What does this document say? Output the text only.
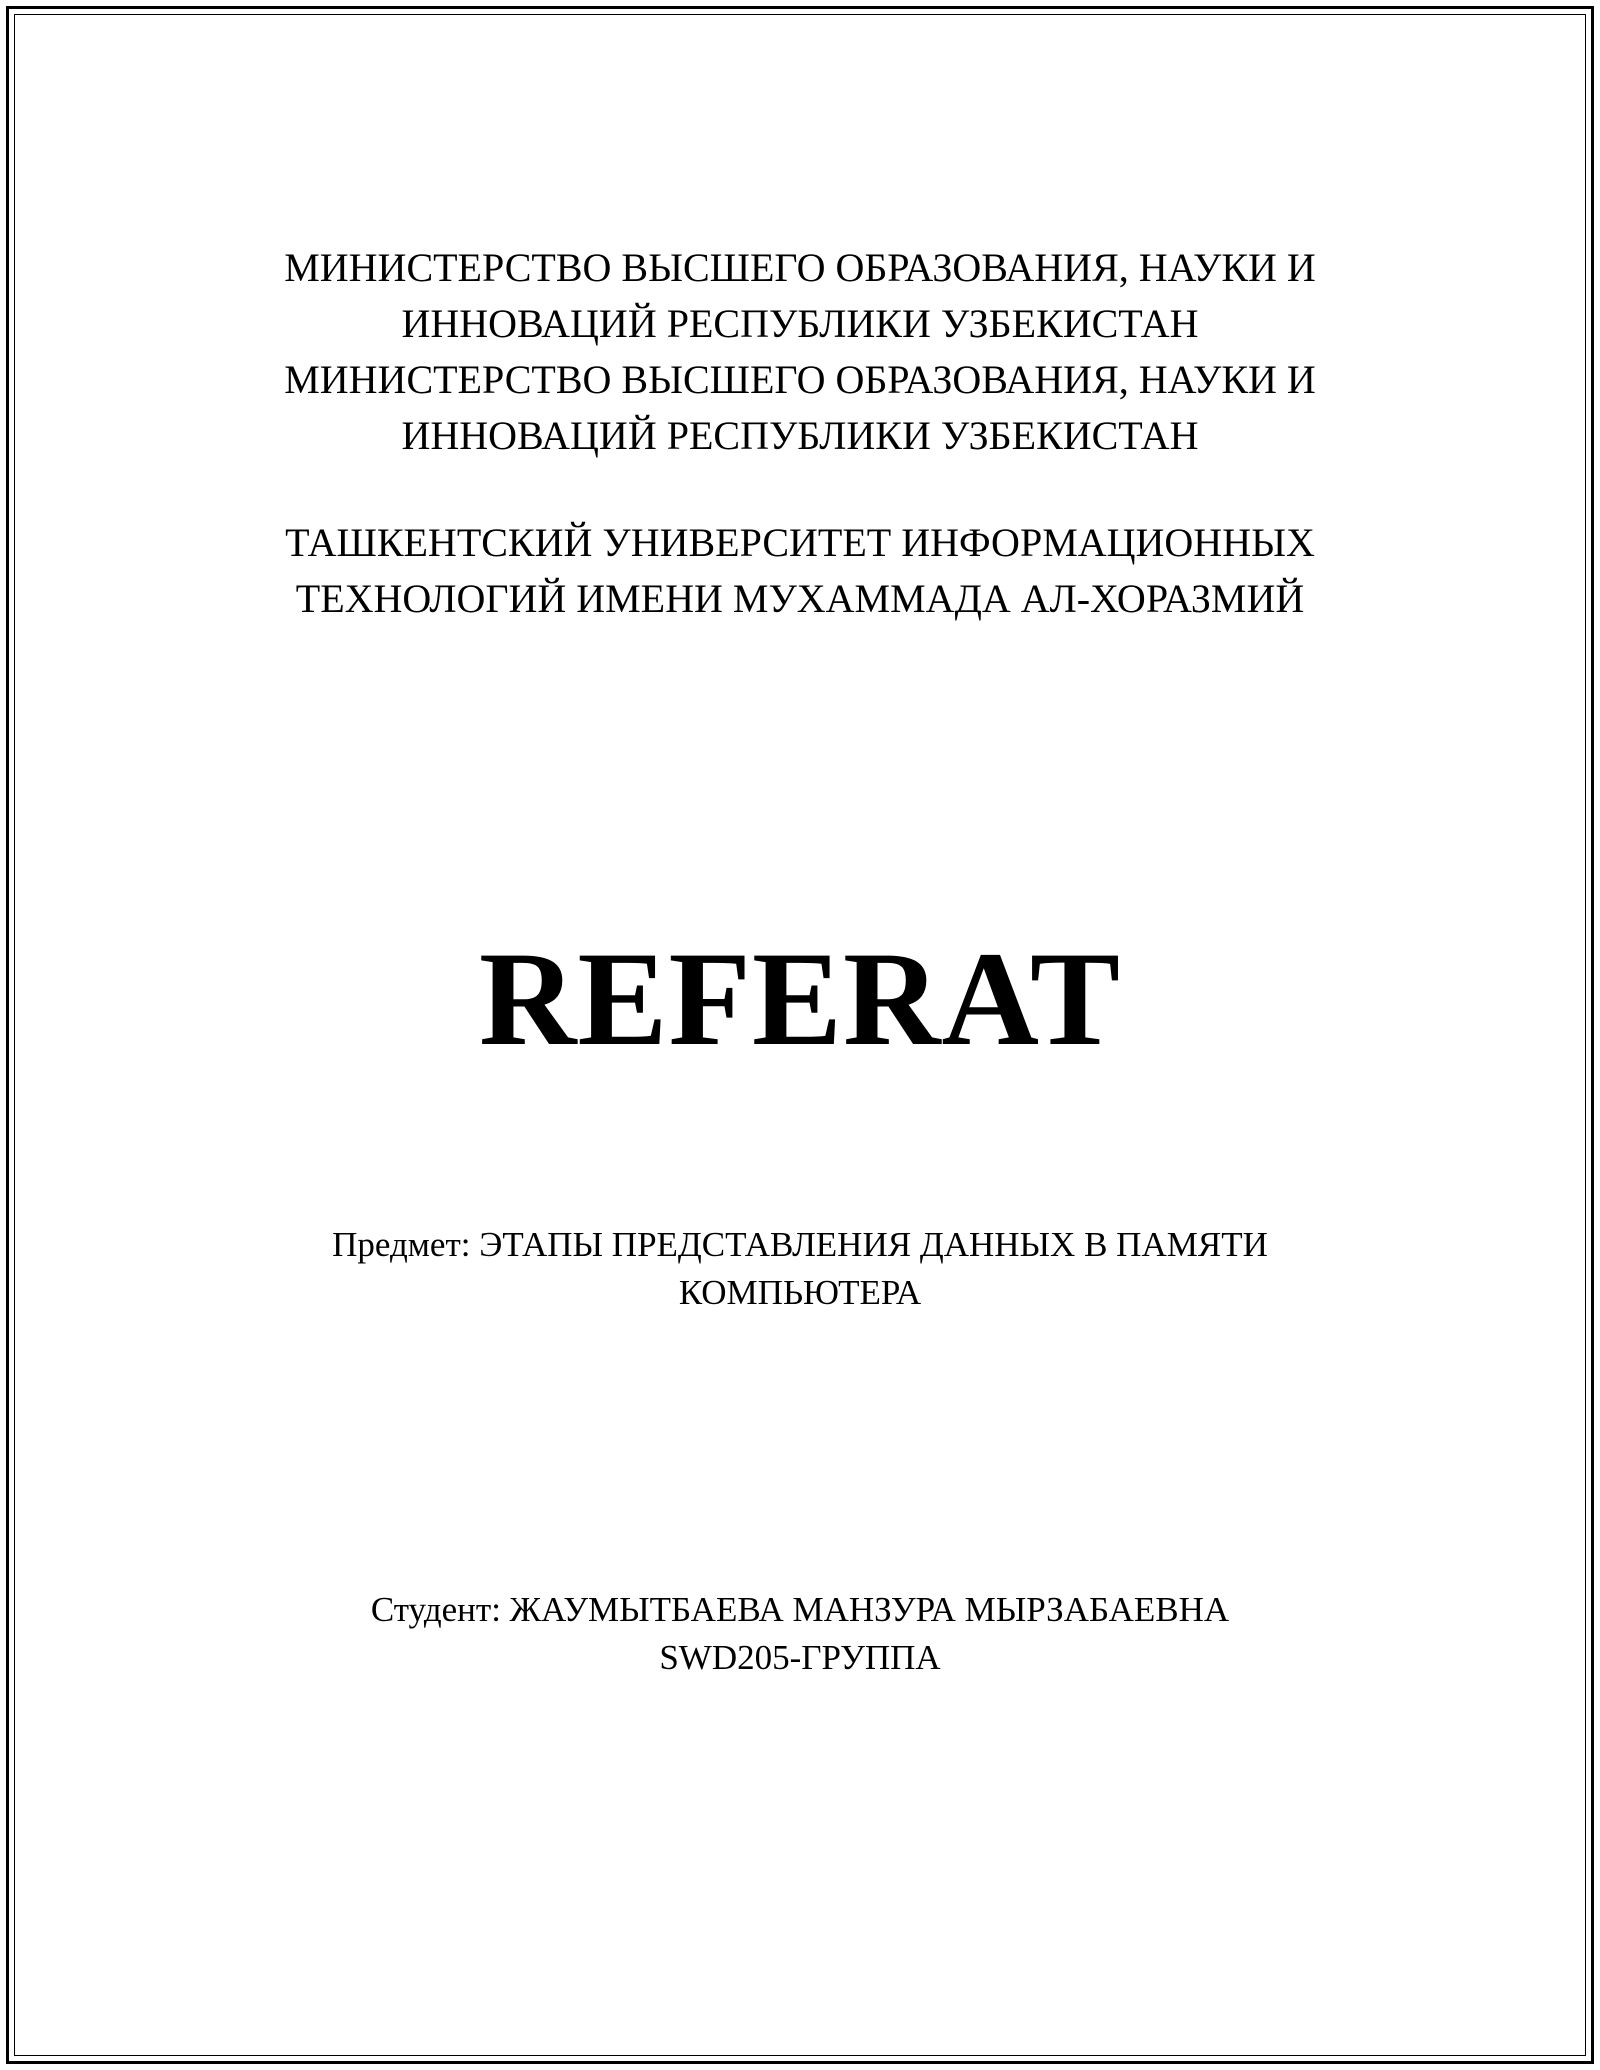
МИНИСТЕРСТВО ВЫСШЕГО ОБРАЗОВАНИЯ, НАУКИ И
ИННОВАЦИЙ РЕСПУБЛИКИ УЗБЕКИСТАН
МИНИСТЕРСТВО ВЫСШЕГО ОБРАЗОВАНИЯ, НАУКИ И
ИННОВАЦИЙ РЕСПУБЛИКИ УЗБЕКИСТАН
ТАШКЕНТСКИЙ УНИВЕРСИТЕТ ИНФОРМАЦИОННЫХ
ТЕХНОЛОГИЙ ИМЕНИ МУХАММАДА АЛ-ХОРАЗМИЙ
REFERAT
Предмет: ЭТАПЫ ПРЕДСТАВЛЕНИЯ ДАННЫХ В ПАМЯТИ
КОМПЬЮТЕРА
Студент: ЖАУМЫТБАЕВА МАНЗУРА МЫРЗАБАЕВНА
SWD205-ГРУППА
